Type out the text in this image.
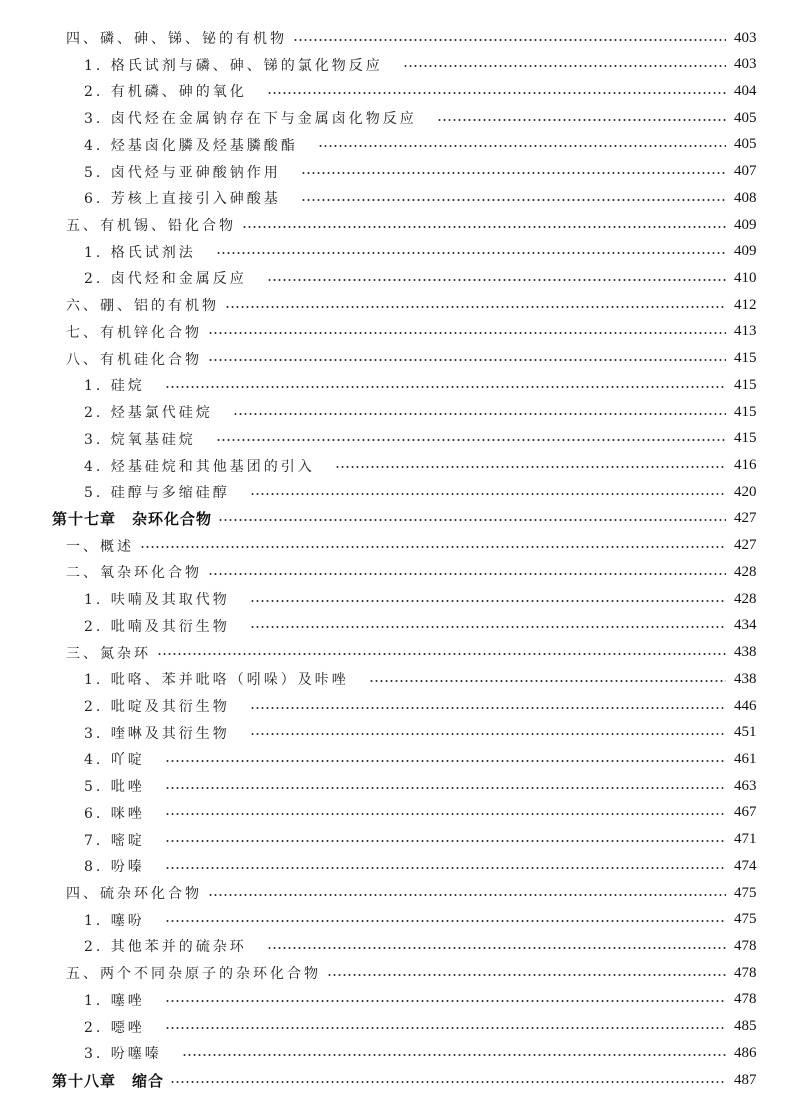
四、磷、砷、锑、铋的有机物	403
1. 格氏试剂与磷、砷、锑的氯化物反应	403
2. 有机磷、砷的氧化	404
3. 卤代烃在金属钠存在下与金属卤化物反应	405
4. 烃基卤化膦及烃基膦酸酯	405
5. 卤代烃与亚砷酸钠作用	407
6. 芳核上直接引入砷酸基	408
五、有机锡、铅化合物	409
1. 格氏试剂法	409
2. 卤代烃和金属反应	410
六、硼、铝的有机物	412
七、有机锌化合物	413
八、有机硅化合物	415
1. 硅烷	415
2. 烃基氯代硅烷	415
3. 烷氧基硅烷	415
4. 烃基硅烷和其他基团的引入	416
5. 硅醇与多缩硅醇	420
第十七章　杂环化合物	427
一、概述	427
二、氧杂环化合物	428
1. 呋喃及其取代物	428
2. 吡喃及其衍生物	434
三、氮杂环	438
1. 吡咯、苯并吡咯（吲哚）及咔唑	438
2. 吡啶及其衍生物	446
3. 喹啉及其衍生物	451
4. 吖啶	461
5. 吡唑	463
6. 咪唑	467
7. 嘧啶	471
8. 吩嗪	474
四、硫杂环化合物	475
1. 噻吩	475
2. 其他苯并的硫杂环	478
五、两个不同杂原子的杂环化合物	478
1. 噻唑	478
2. 噁唑	485
3. 吩噻嗪	486
第十八章　缩合	487
